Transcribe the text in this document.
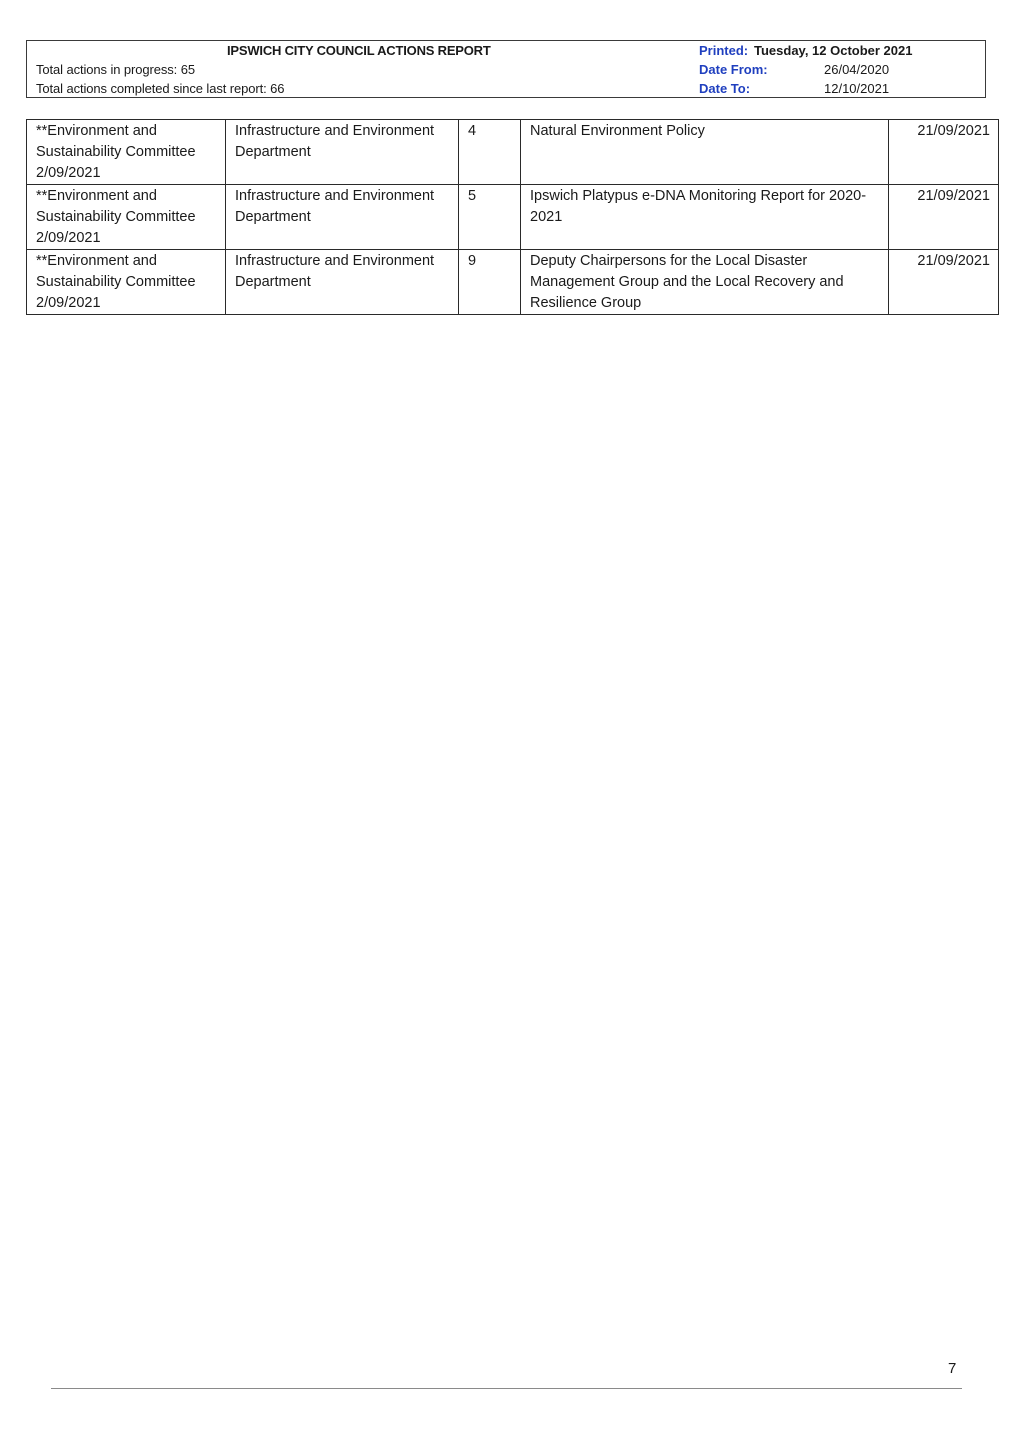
IPSWICH CITY COUNCIL ACTIONS REPORT
Total actions in progress: 65
Total actions completed since last report: 66
Printed: Tuesday, 12 October 2021
Date From:	26/04/2020
Date To:	12/10/2021
**Environment and Sustainability Committee 2/09/2021	Infrastructure and Environment Department	4	Natural Environment Policy	21/09/2021
**Environment and Sustainability Committee 2/09/2021	Infrastructure and Environment Department	5	Ipswich Platypus e-DNA Monitoring Report for 2020-2021	21/09/2021
**Environment and Sustainability Committee 2/09/2021	Infrastructure and Environment Department	9	Deputy Chairpersons for the Local Disaster Management Group and the Local Recovery and Resilience Group	21/09/2021
7
